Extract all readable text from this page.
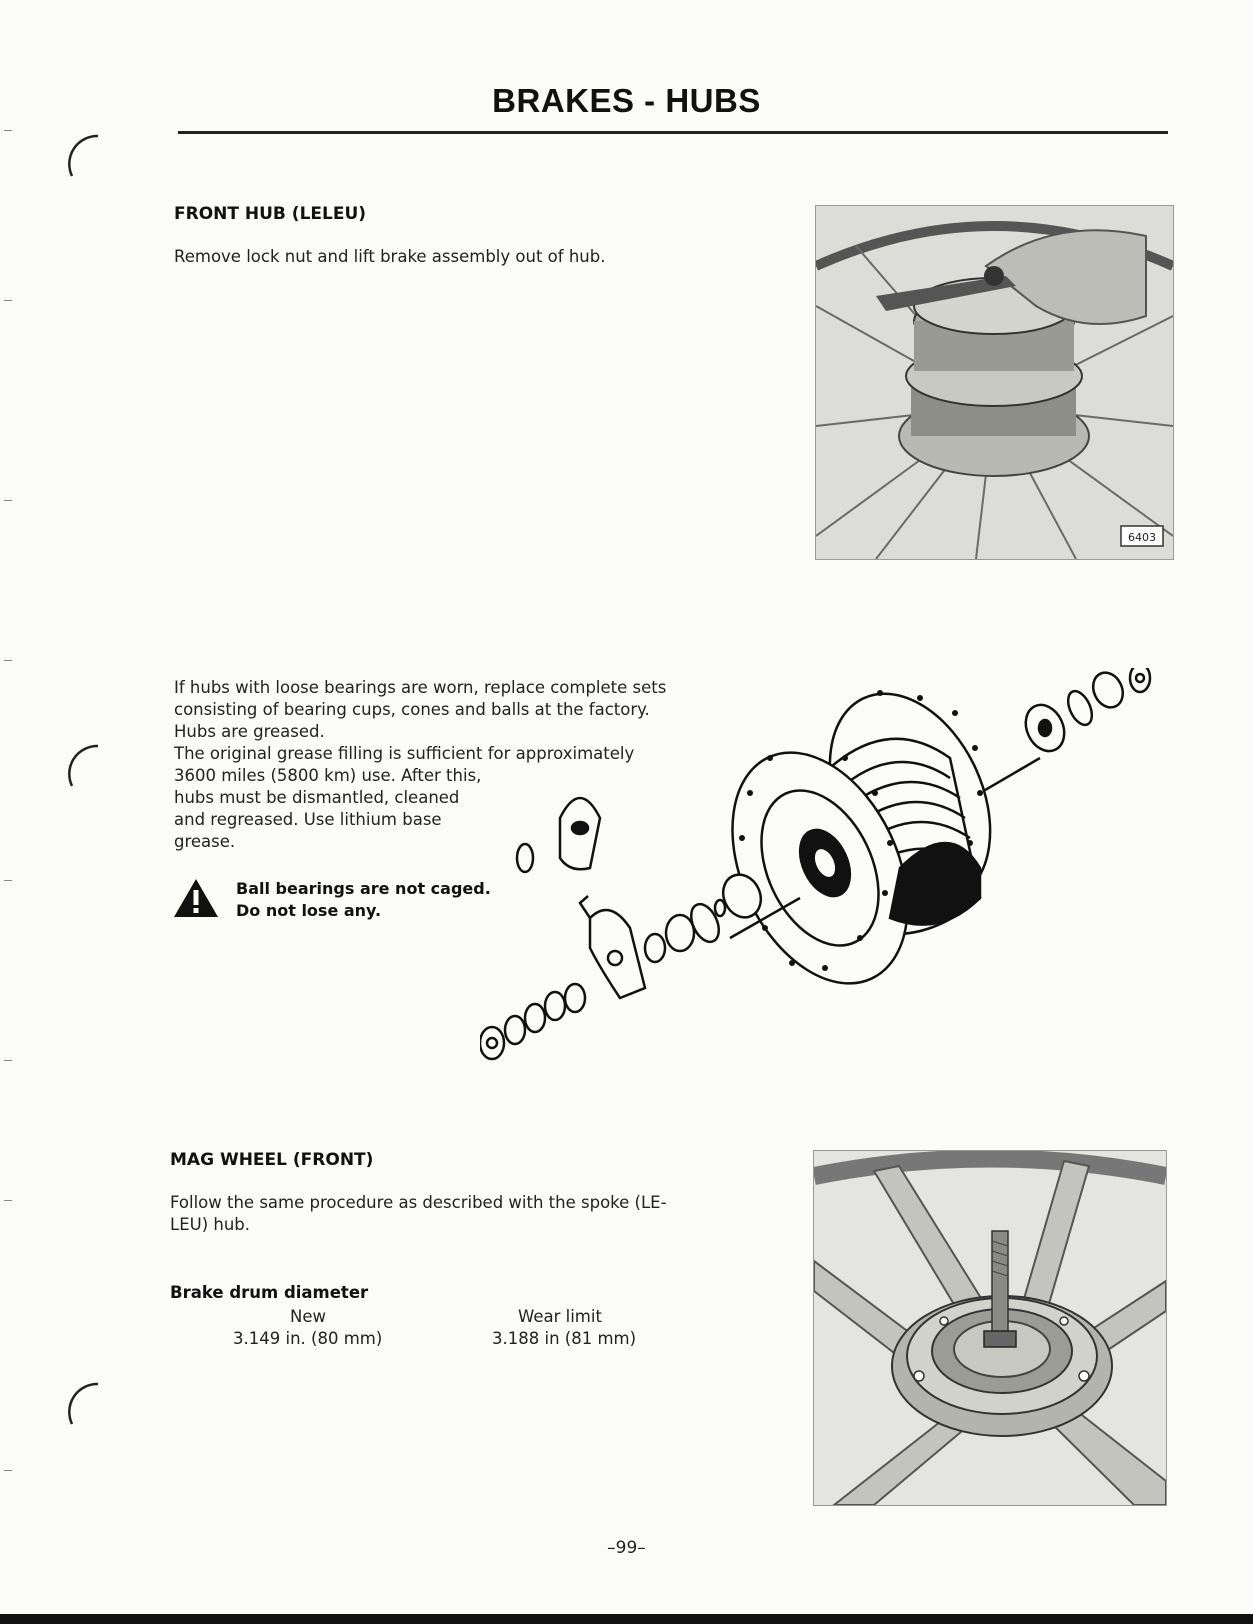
BRAKES - HUBS
FRONT HUB (LELEU)
Remove lock nut and lift brake assembly out of hub.
6403
If hubs with loose bearings are worn, replace complete sets
consisting of bearing cups, cones and balls at the factory.
Hubs are greased.
The original grease filling is sufficient for approximately
3600 miles (5800 km) use. After this,
hubs must be dismantled, cleaned
and regreased. Use lithium base
grease.
Ball bearings are not caged.
Do not lose any.
MAG WHEEL (FRONT)
Follow the same procedure as described with the spoke (LE-
LEU) hub.
Brake drum diameter
New
3.149 in. (80 mm)
Wear limit
3.188 in (81 mm)
–99–
